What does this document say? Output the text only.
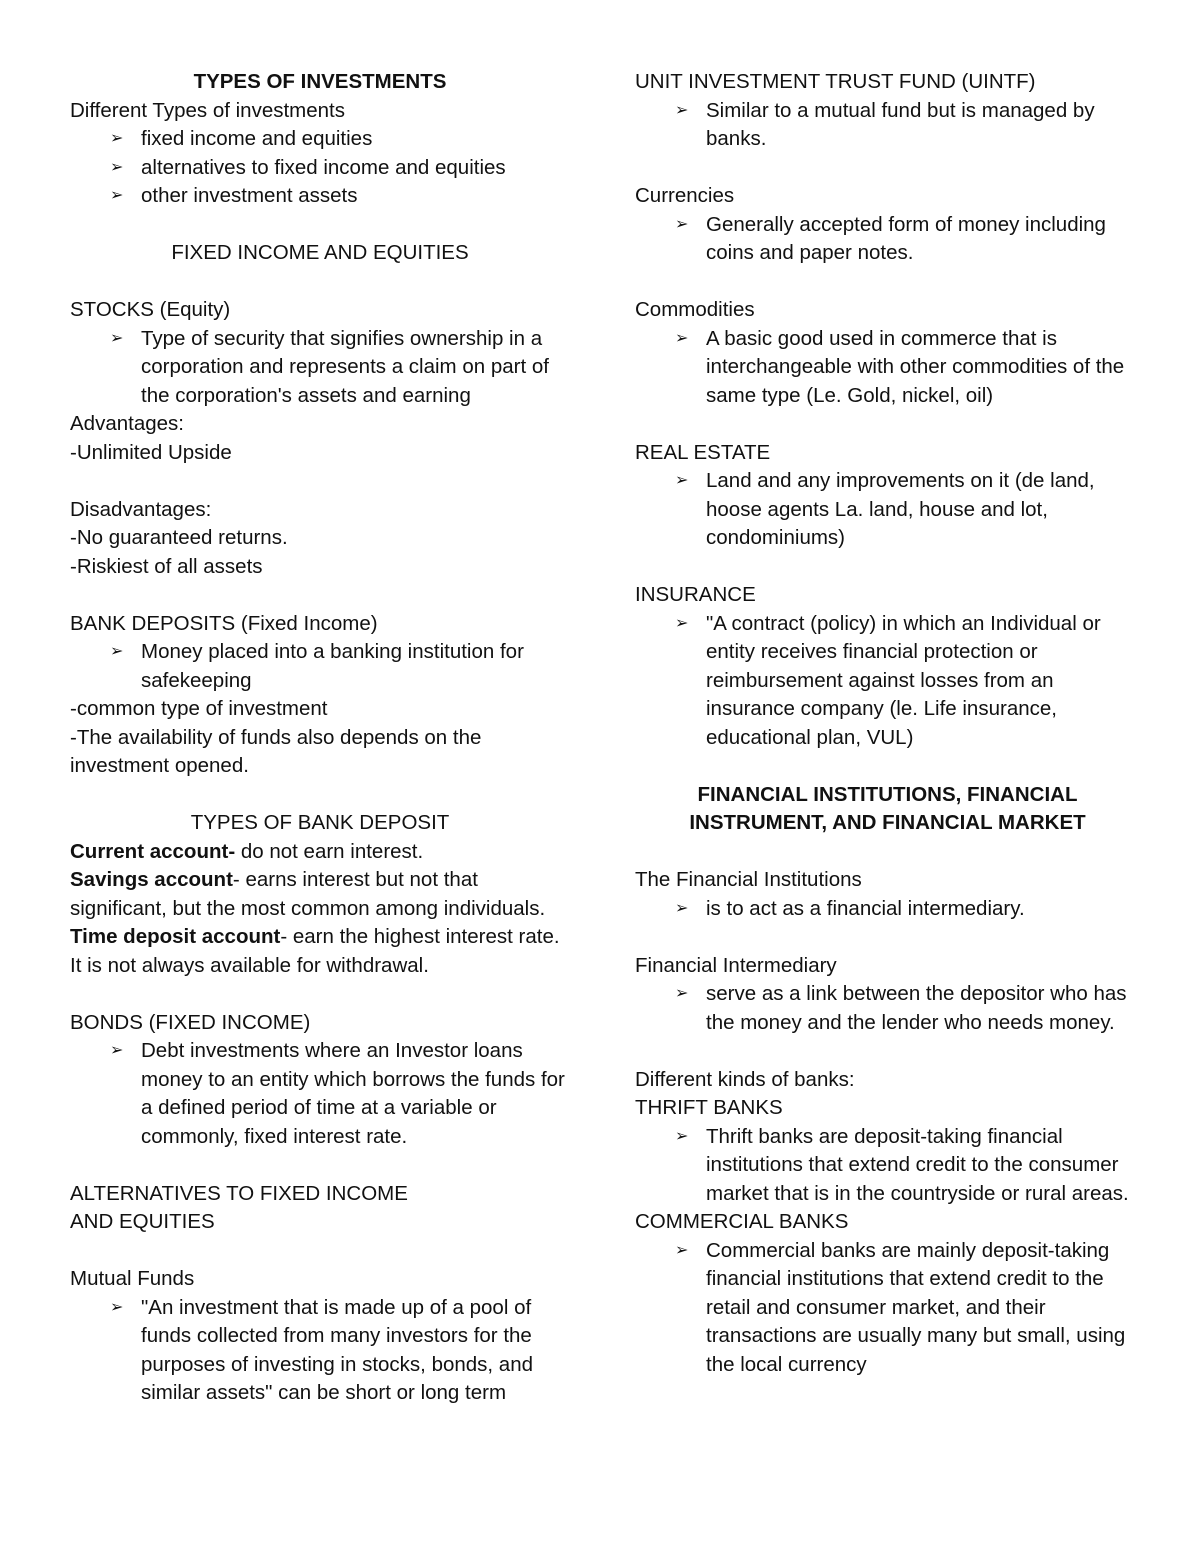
TYPES OF INVESTMENTS

Different Types of investments

➢ fixed income and equities
➢ alternatives to fixed income and equities
➢ other investment assets

FIXED INCOME AND EQUITIES

STOCKS (Equity)

➢ Type of security that signifies ownership in a corporation and represents a claim on part of the corporation's assets and earning

Advantages:

-Unlimited Upside

Disadvantages:

-No guaranteed returns.

-Riskiest of all assets

BANK DEPOSITS (Fixed Income)

➢ Money placed into a banking institution for safekeeping

-common type of investment

-The availability of funds also depends on the investment opened.

TYPES OF BANK DEPOSIT

Current account- do not earn interest.

Savings account- earns interest but not that significant, but the most common among individuals.

Time deposit account- earn the highest interest rate. It is not always available for withdrawal.

BONDS (FIXED INCOME)

➢ Debt investments where an Investor loans money to an entity which borrows the funds for a defined period of time at a variable or commonly, fixed interest rate.

ALTERNATIVES TO FIXED INCOME

AND EQUITIES

Mutual Funds

➢ "An investment that is made up of a pool of funds collected from many investors for the purposes of investing in stocks, bonds, and similar assets" can be short or long term

UNIT INVESTMENT TRUST FUND (UINTF)

➢ Similar to a mutual fund but is managed by banks.

Currencies

➢ Generally accepted form of money including coins and paper notes.

Commodities

➢ A basic good used in commerce that is interchangeable with other commodities of the same type (Le. Gold, nickel, oil)

REAL ESTATE

➢ Land and any improvements on it (de land, hoose agents La. land, house and lot, condominiums)

INSURANCE

➢ "A contract (policy) in which an Individual or entity receives financial protection or reimbursement against losses from an insurance company (le. Life insurance, educational plan, VUL)

FINANCIAL INSTITUTIONS, FINANCIAL

INSTRUMENT, AND FINANCIAL MARKET

The Financial Institutions

➢ is to act as a financial intermediary.

Financial Intermediary

➢ serve as a link between the depositor who has the money and the lender who needs money.

Different kinds of banks:

THRIFT BANKS

➢ Thrift banks are deposit-taking financial institutions that extend credit to the consumer market that is in the countryside or rural areas.

COMMERCIAL BANKS

➢ Commercial banks are mainly deposit-taking financial institutions that extend credit to the retail and consumer market, and their transactions are usually many but small, using the local currency
